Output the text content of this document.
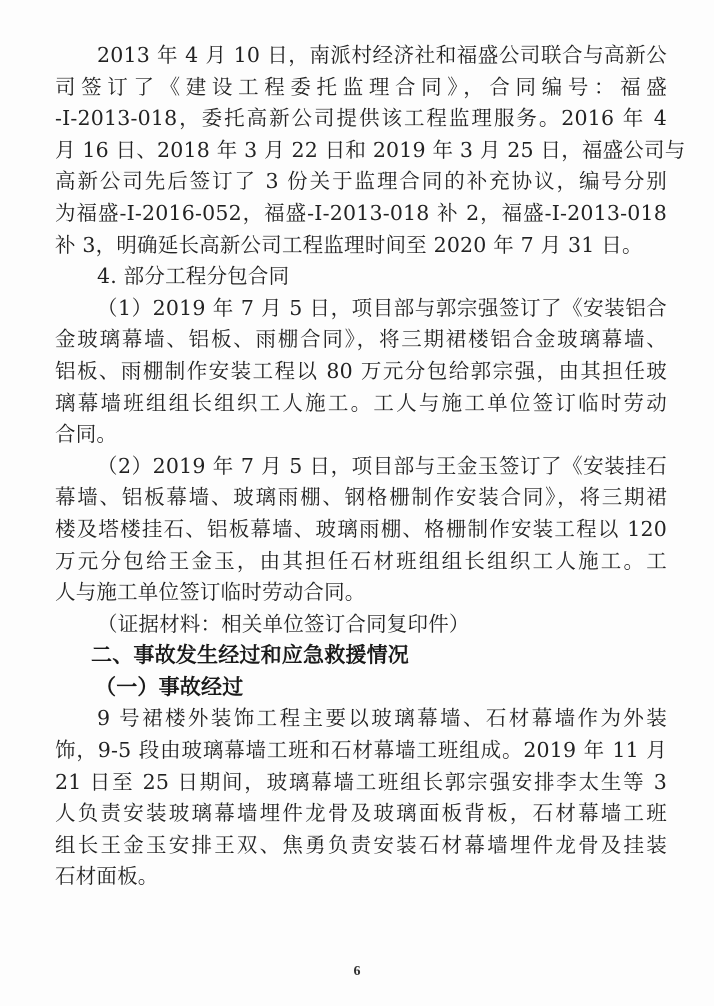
2013 年 4 月 10 日，南派村经济社和福盛公司联合与高新公
司签订了《建设工程委托监理合同》，合同编号：福盛
-I-2013-018，委托高新公司提供该工程监理服务。2016 年 4
月 16 日、2018 年 3 月 22 日和 2019 年 3 月 25 日，福盛公司与
高新公司先后签订了 3 份关于监理合同的补充协议，编号分别
为福盛-I-2016-052，福盛-I-2013-018 补 2，福盛-I-2013-018
补 3，明确延长高新公司工程监理时间至 2020 年 7 月 31 日。
4. 部分工程分包合同
（1）2019 年 7 月 5 日，项目部与郭宗强签订了《安装铝合
金玻璃幕墙、铝板、雨棚合同》，将三期裙楼铝合金玻璃幕墙、
铝板、雨棚制作安装工程以 80 万元分包给郭宗强，由其担任玻
璃幕墙班组组长组织工人施工。工人与施工单位签订临时劳动
合同。
（2）2019 年 7 月 5 日，项目部与王金玉签订了《安装挂石
幕墙、铝板幕墙、玻璃雨棚、钢格栅制作安装合同》，将三期裙
楼及塔楼挂石、铝板幕墙、玻璃雨棚、格栅制作安装工程以 120
万元分包给王金玉，由其担任石材班组组长组织工人施工。工
人与施工单位签订临时劳动合同。
（证据材料：相关单位签订合同复印件）
二、事故发生经过和应急救援情况
（一）事故经过
9 号裙楼外装饰工程主要以玻璃幕墙、石材幕墙作为外装
饰，9-5 段由玻璃幕墙工班和石材幕墙工班组成。2019 年 11 月
21 日至 25 日期间，玻璃幕墙工班组长郭宗强安排李太生等 3
人负责安装玻璃幕墙埋件龙骨及玻璃面板背板，石材幕墙工班
组长王金玉安排王双、焦勇负责安装石材幕墙埋件龙骨及挂装
石材面板。
6
